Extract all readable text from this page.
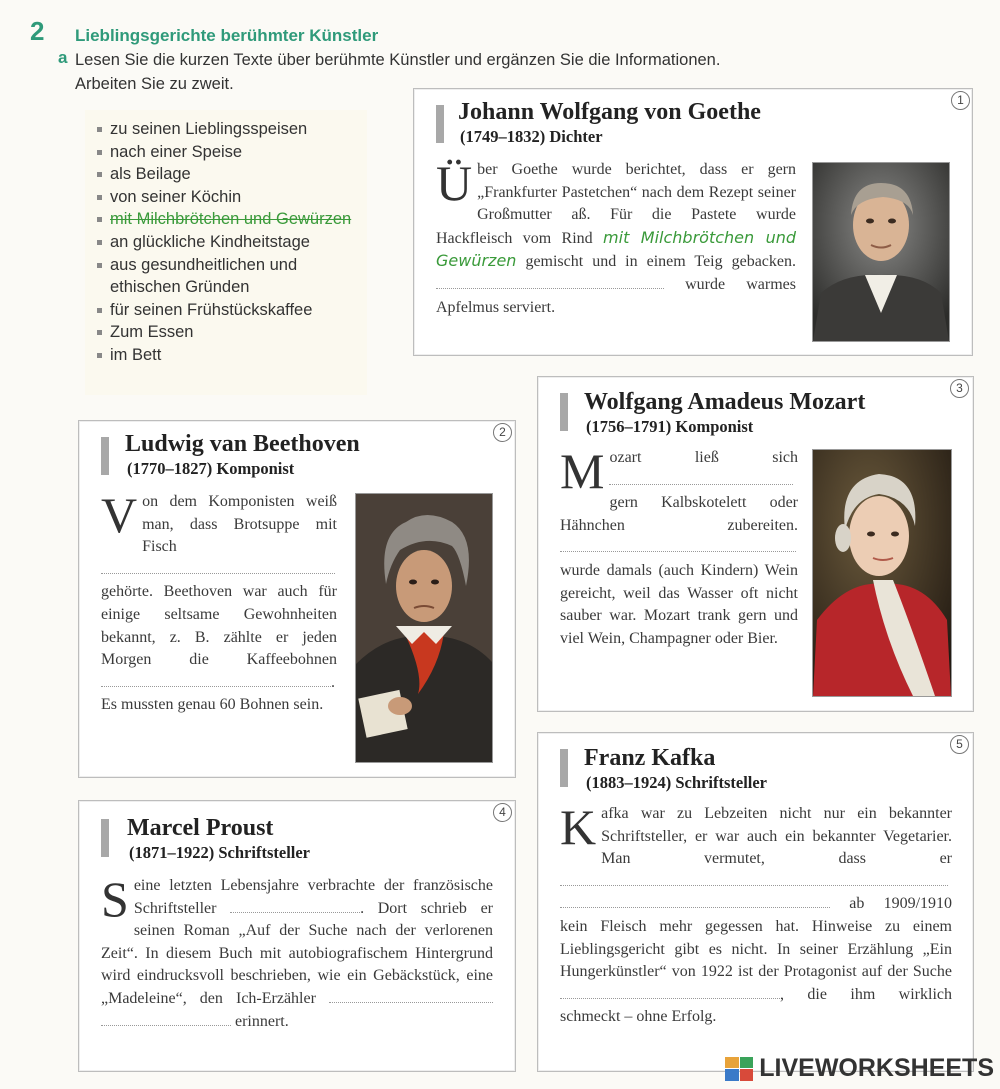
2 Lieblingsgerichte berühmter Künstler
a Lesen Sie die kurzen Texte über berühmte Künstler und ergänzen Sie die Informationen.
Arbeiten Sie zu zweit.
zu seinen Lieblingsspeisen
nach einer Speise
als Beilage
von seiner Köchin
mit Milchbrötchen und Gewürzen
an glückliche Kindheitstage
aus gesundheitlichen und ethischen Gründen
für seinen Frühstückskaffee
Zum Essen
im Bett
1
Johann Wolfgang von Goethe
(1749–1832) Dichter
Ü ber Goethe wurde berichtet, dass er gern „Frankfurter Pastetchen“ nach dem Rezept seiner Großmutter aß. Für die Pastete wurde Hackfleisch vom Rind mit Milchbrötchen und Gewürzen gemischt und in einem Teig gebacken.  wurde warmes Apfelmus serviert.
2
Ludwig van Beethoven
(1770–1827) Komponist
V on dem Komponisten weiß man, dass Brotsuppe mit Fisch  gehörte. Beethoven war auch für einige seltsame Gewohnheiten bekannt, z. B. zählte er jeden Morgen die Kaffeebohnen . Es mussten genau 60 Bohnen sein.
3
Wolfgang Amadeus Mozart
(1756–1791) Komponist
M ozart ließ sich  gern Kalbskotelett oder Hähnchen zubereiten.  wurde damals (auch Kindern) Wein gereicht, weil das Wasser oft nicht sauber war. Mozart trank gern und viel Wein, Champagner oder Bier.
4
Marcel Proust
(1871–1922) Schriftsteller
S eine letzten Lebensjahre verbrachte der französische Schriftsteller	. Dort schrieb er seinen Roman „Auf der Suche nach der verlorenen Zeit“. In diesem Buch mit autobiografischem Hintergrund wird eindrucksvoll beschrieben, wie ein Gebäckstück, eine „Madeleine“, den Ich-Erzähler   erinnert.
5
Franz Kafka
(1883–1924) Schriftsteller
K afka war zu Lebzeiten nicht nur ein bekannter Schriftsteller, er war auch ein bekannter Vegetarier. Man vermutet, dass er   ab 1909/1910 kein Fleisch mehr gegessen hat. Hinweise zu einem Lieblingsgericht gibt es nicht. In seiner Erzählung „Ein Hungerkünstler“ von 1922 ist der Protagonist auf der Suche , die ihm wirklich schmeckt – ohne Erfolg.
LIVEWORKSHEETS
